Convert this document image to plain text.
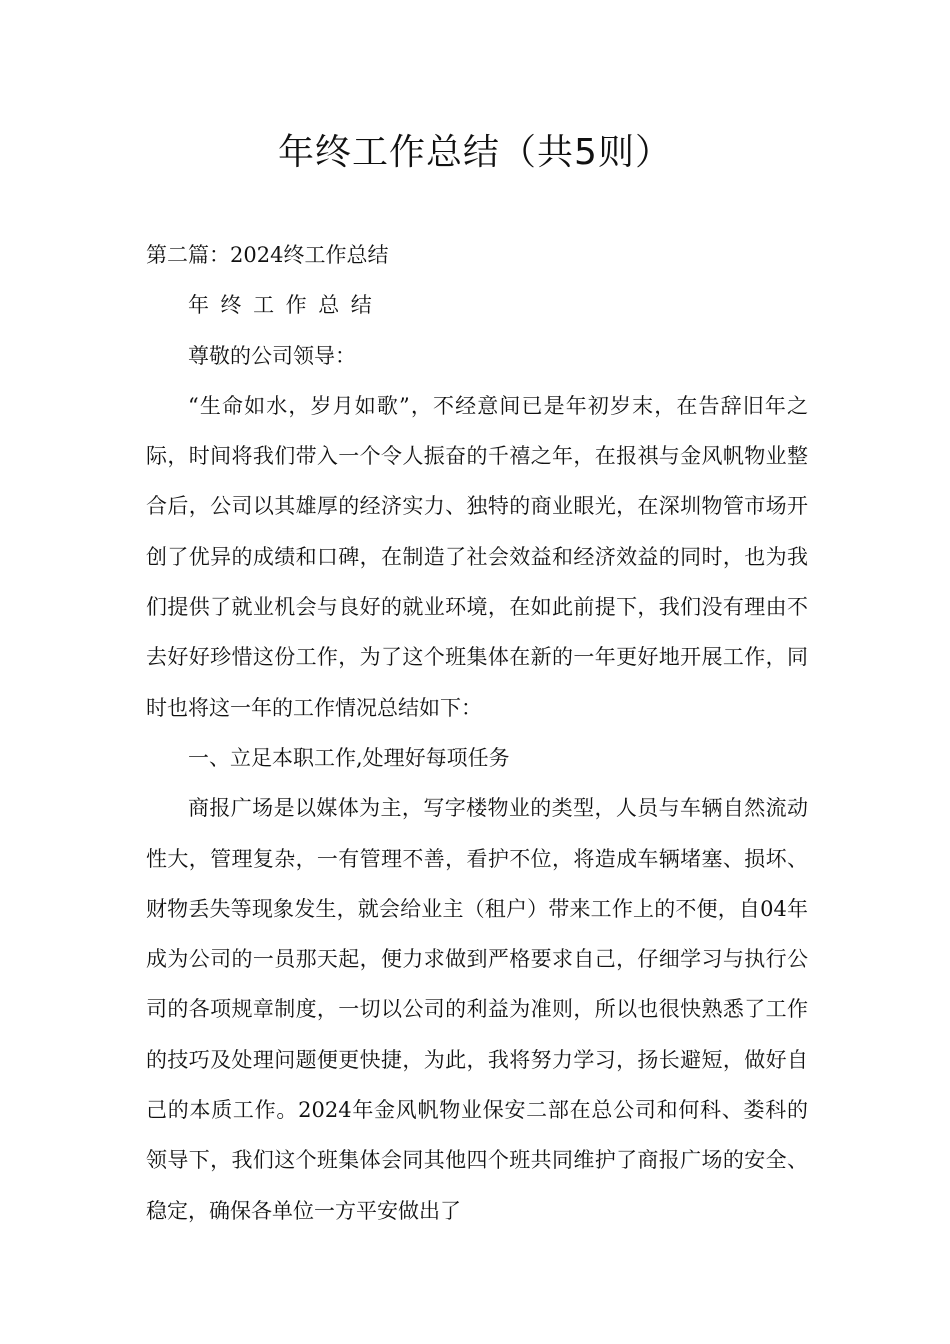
年终工作总结（共5则）

第二篇：2024终工作总结

年终工作总结

尊敬的公司领导：

“生命如水，岁月如歌”，不经意间已是年初岁末，在告辞旧年之际，时间将我们带入一个令人振奋的千禧之年，在报祺与金风帆物业整合后，公司以其雄厚的经济实力、独特的商业眼光，在深圳物管市场开创了优异的成绩和口碑，在制造了社会效益和经济效益的同时，也为我们提供了就业机会与良好的就业环境，在如此前提下，我们没有理由不去好好珍惜这份工作，为了这个班集体在新的一年更好地开展工作，同时也将这一年的工作情况总结如下：

一、立足本职工作,处理好每项任务

商报广场是以媒体为主，写字楼物业的类型，人员与车辆自然流动性大，管理复杂，一有管理不善，看护不位，将造成车辆堵塞、损坏、财物丢失等现象发生，就会给业主（租户）带来工作上的不便，自04年成为公司的一员那天起，便力求做到严格要求自己，仔细学习与执行公司的各项规章制度，一切以公司的利益为准则，所以也很快熟悉了工作的技巧及处理问题便更快捷，为此，我将努力学习，扬长避短，做好自己的本质工作。2024年金风帆物业保安二部在总公司和何科、娄科的领导下，我们这个班集体会同其他四个班共同维护了商报广场的安全、稳定，确保各单位一方平安做出了
